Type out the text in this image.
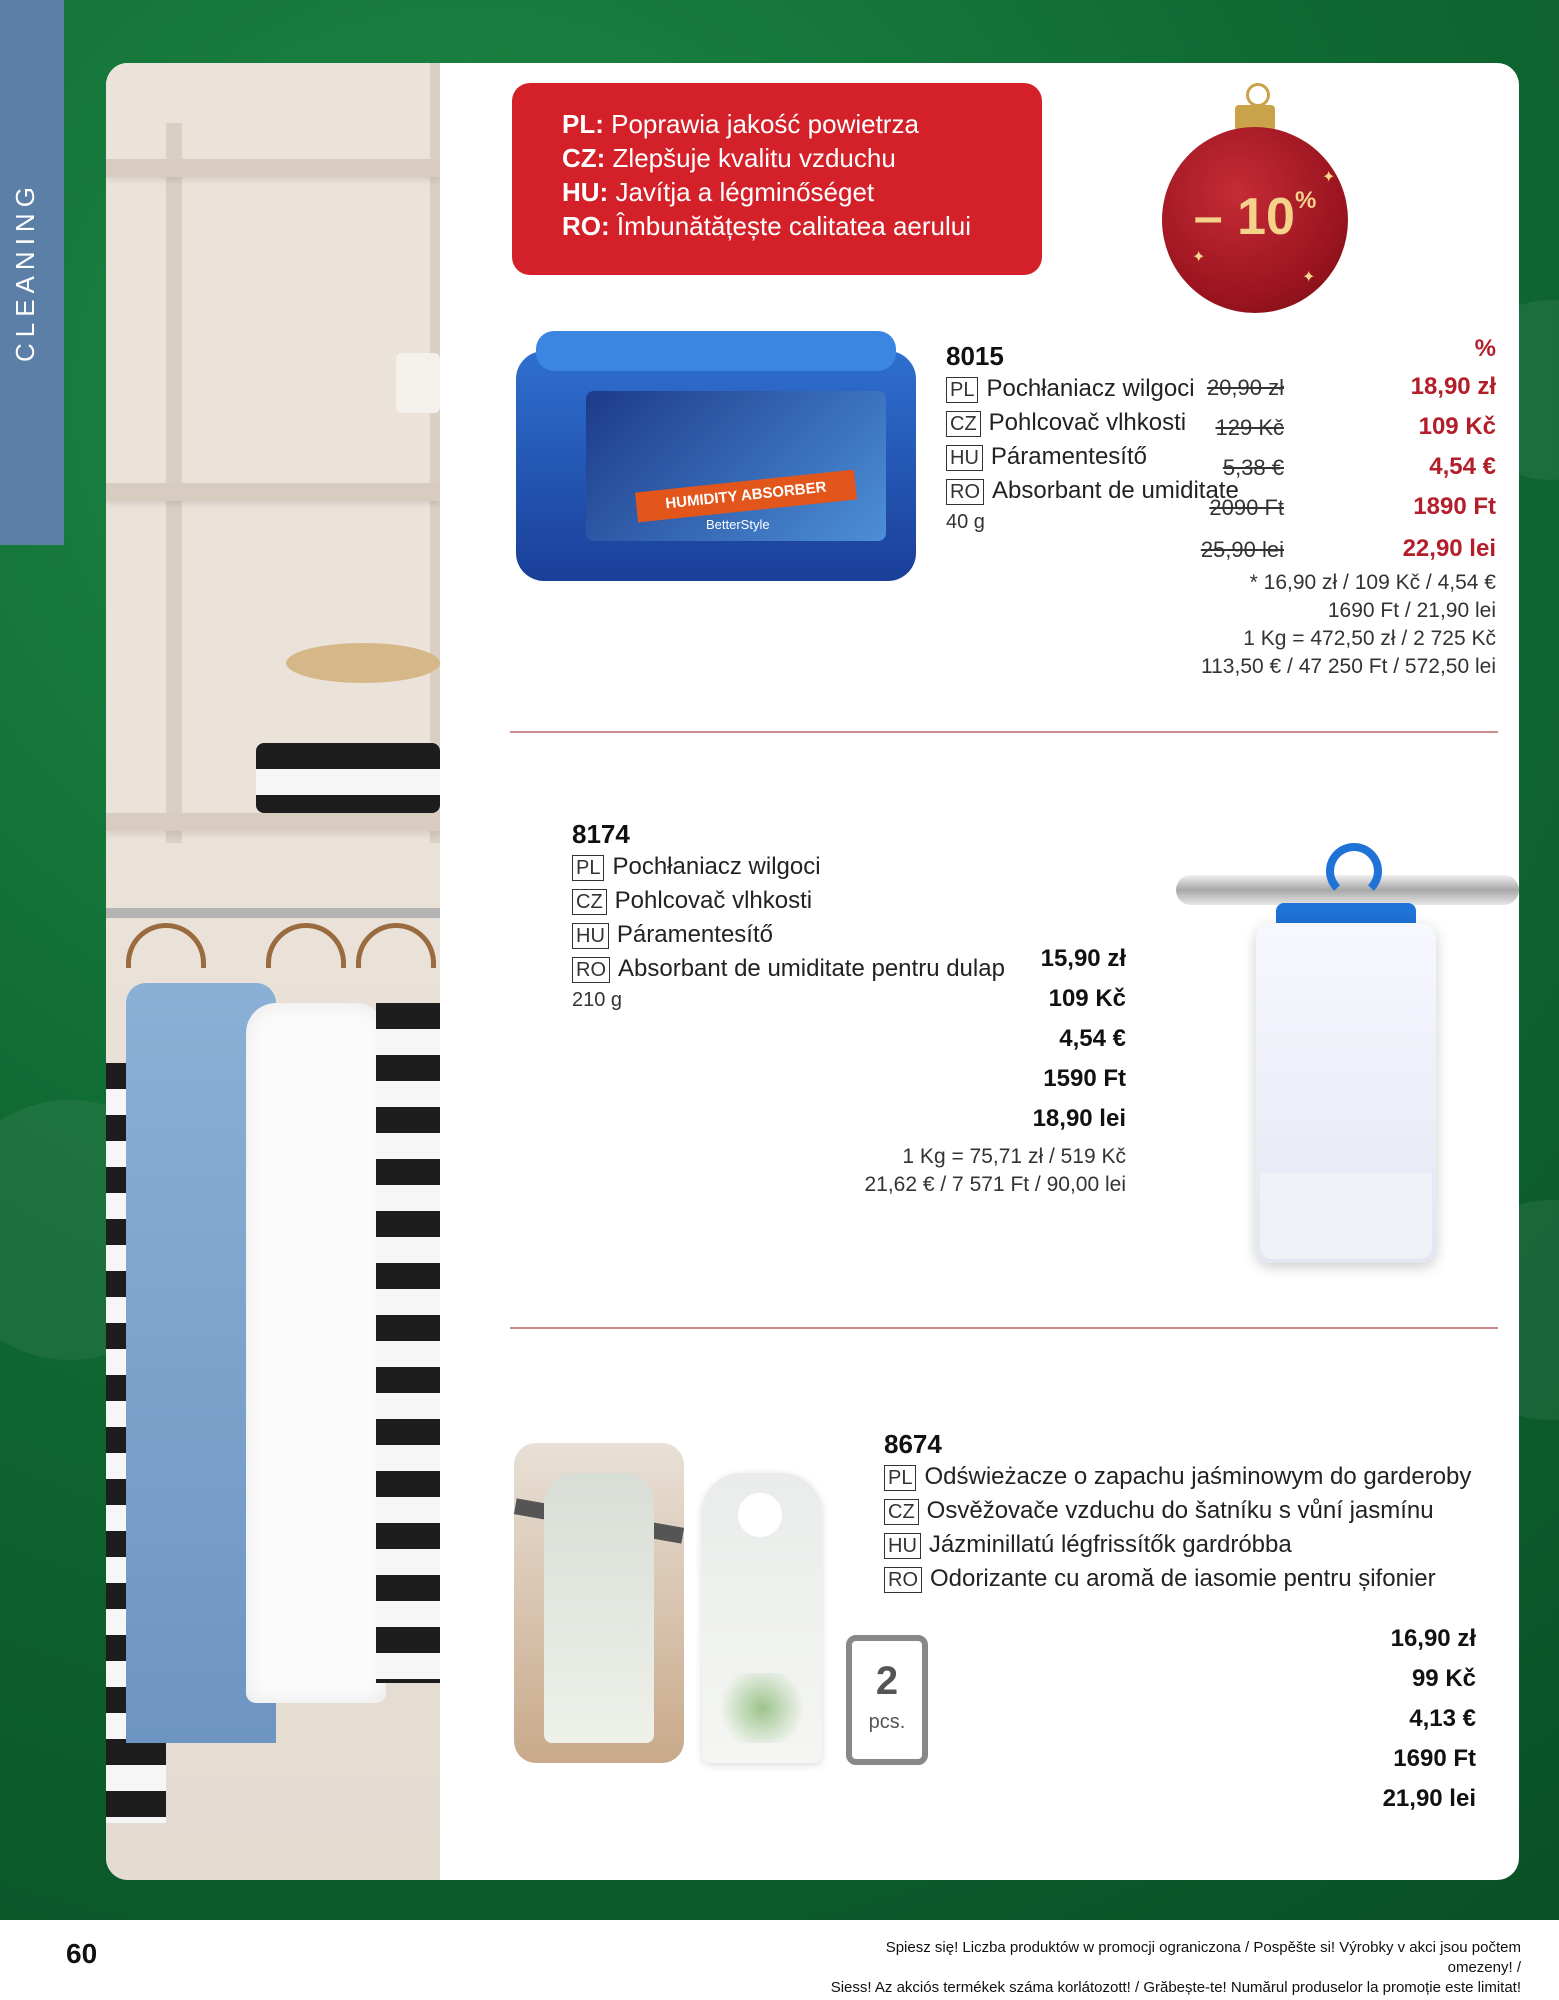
CLEANING
PL: Poprawia jakość powietrza
CZ: Zlepšuje kvalitu vzduchu
HU: Javítja a légminőséget
RO: Îmbunătățește calitatea aerului	– 10%
✦
✦
✦
HUMIDITY ABSORBER
BetterStyle
8015
PL Pochłaniacz wilgoci
CZ Pohlcovač vlhkosti
HU Páramentesítő
RO Absorbant de umiditate
40 g
%
20,90 zł
129 Kč
5,38 €
2090 Ft
25,90 lei
18,90 zł
109 Kč
4,54 €
1890 Ft
22,90 lei
* 16,90 zł / 109 Kč / 4,54 €
1690 Ft / 21,90 lei
1 Kg = 472,50 zł / 2 725 Kč
113,50 € / 47 250 Ft / 572,50 lei
8174
PL Pochłaniacz wilgoci
CZ Pohlcovač vlhkosti
HU Páramentesítő
RO Absorbant de umiditate pentru dulap
210 g
15,90 zł
109 Kč
4,54 €
1590 Ft
18,90 lei
1 Kg = 75,71 zł / 519 Kč
21,62 € / 7 571 Ft / 90,00 lei
2
pcs.
8674
PL Odświeżacze o zapachu jaśminowym do garderoby
CZ Osvěžovače vzduchu do šatníku s vůní jasmínu
HU Jázminillatú légfrissítők gardróbba
RO Odorizante cu aromă de iasomie pentru șifonier
16,90 zł
99 Kč
4,13 €
1690 Ft
21,90 lei
60	Spiesz się! Liczba produktów w promocji ograniczona / Pospěšte si! Výrobky v akci jsou počtem omezeny! /
Siess! Az akciós termékek száma korlátozott! / Grăbește-te! Numărul produselor la promoție este limitat!
